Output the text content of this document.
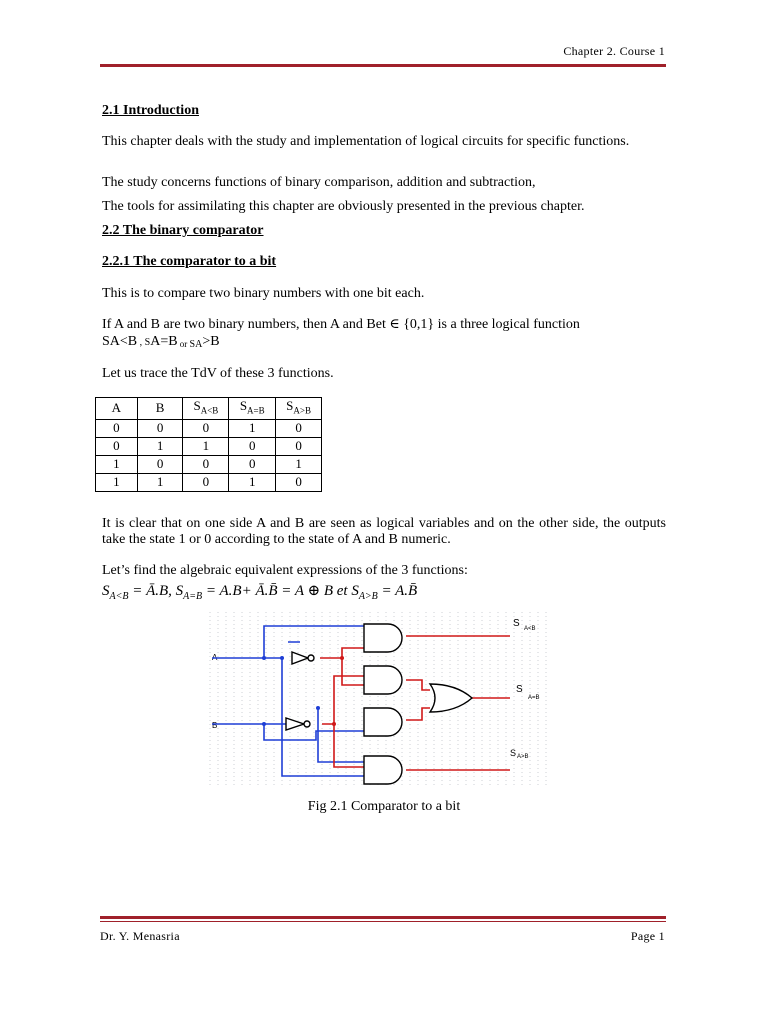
Chapter 2. Course 1
2.1 Introduction
This chapter deals with the study and implementation of logical circuits for specific functions.
The study concerns functions of binary comparison, addition and subtraction,
The tools for assimilating this chapter are obviously presented in the previous chapter.
2.2 The binary comparator
2.2.1 The comparator to a bit
This is to compare two binary numbers with one bit each.
If A and B are two binary numbers, then A and Bet ∈ {0,1} is a three logical function
SA<B , SA=B or SA>B
Let us trace the TdV of these 3 functions.
A	B	$S_{A<B}$	$S_{A=B}$	$S_{A>B}$
0	0	0	1	0
0	1	1	0	0
1	0	0	0	1
1	1	0	1	0
It is clear that on one side A and B are seen as logical variables and on the other side, the outputs take the state 1 or 0 according to the state of A and B numeric.
Let’s find the algebraic equivalent expressions of the 3 functions:
$S_{A<B}$ = Ā.B, $S_{A=B} = A.B+$ Ā.B̄ = A ⊕ B et $S_{A>B}$ = A.B̄
A
B
S A<B
S
A=B
S A>B
Fig 2.1 Comparator to a bit
Dr. Y. Menasria	Page 1
